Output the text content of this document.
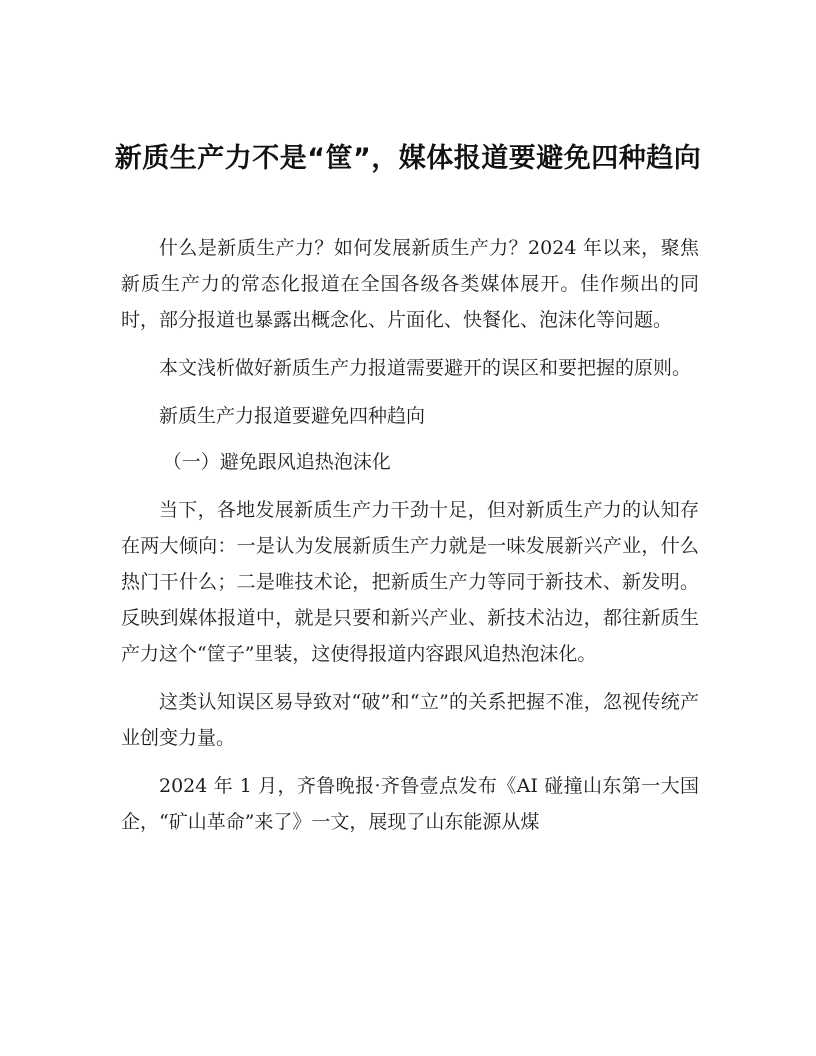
新质生产力不是“筐”，媒体报道要避免四种趋向

什么是新质生产力？如何发展新质生产力？2024 年以来，聚焦新质生产力的常态化报道在全国各级各类媒体展开。佳作频出的同时，部分报道也暴露出概念化、片面化、快餐化、泡沫化等问题。

本文浅析做好新质生产力报道需要避开的误区和要把握的原则。

新质生产力报道要避免四种趋向

（一）避免跟风追热泡沫化

当下，各地发展新质生产力干劲十足，但对新质生产力的认知存在两大倾向：一是认为发展新质生产力就是一味发展新兴产业，什么热门干什么；二是唯技术论，把新质生产力等同于新技术、新发明。反映到媒体报道中，就是只要和新兴产业、新技术沾边，都往新质生产力这个“筐子”里装，这使得报道内容跟风追热泡沫化。

这类认知误区易导致对“破”和“立”的关系把握不准，忽视传统产业创变力量。

2024 年 1 月，齐鲁晚报·齐鲁壹点发布《AI 碰撞山东第一大国企，“矿山革命”来了》一文，展现了山东能源从煤
